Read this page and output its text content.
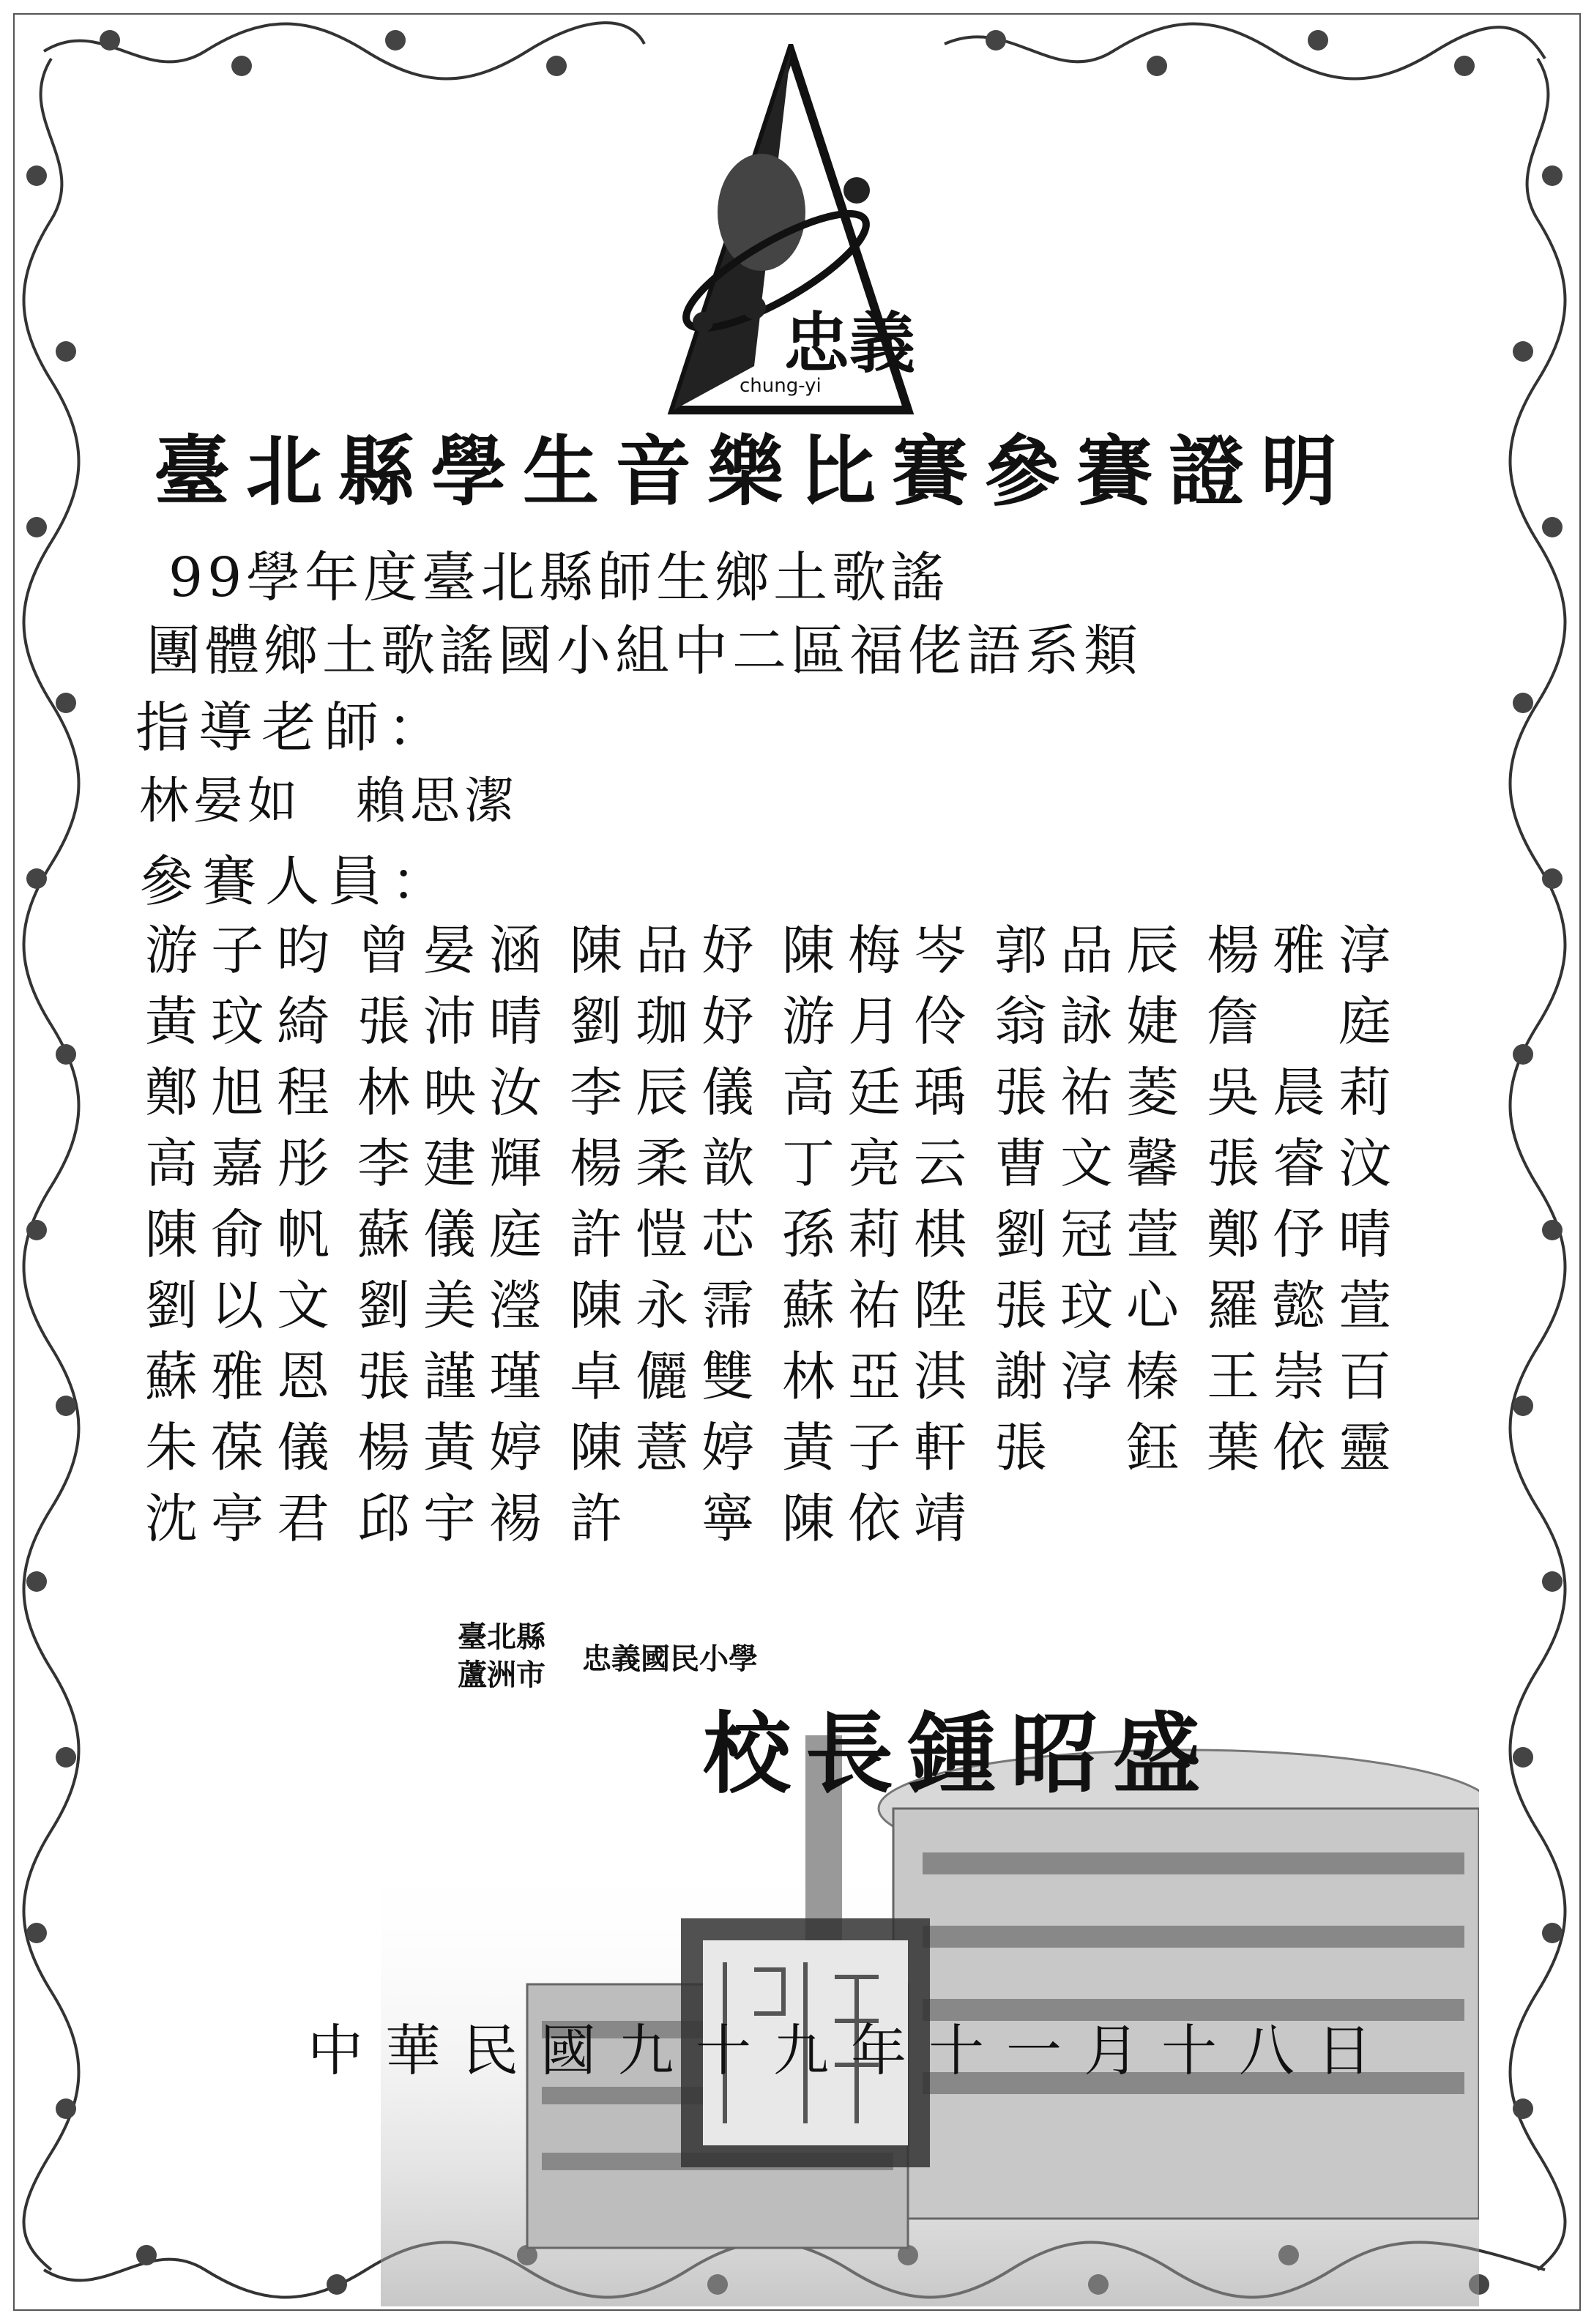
忠義
chung-yi
臺北縣學生音樂比賽參賽證明
99學年度臺北縣師生鄉土歌謠
團體鄉土歌謠國小組中二區福佬語系類
指導老師：
林晏如　賴思潔
參賽人員：
游子昀 曾晏涵 陳品妤 陳梅岑 郭品辰 楊雅淳
黃玟綺 張沛晴 劉珈妤 游月伶 翁詠婕 詹　庭
鄭旭程 林映汝 李辰儀 高廷瑀 張祐菱 吳晨莉
高嘉彤 李建輝 楊柔歆 丁亮云 曹文馨 張睿汶
陳俞帆 蘇儀庭 許愷芯 孫莉棋 劉冠萱 鄭伃晴
劉以文 劉美瀅 陳永霈 蘇祐陞 張玟心 羅懿萱
蘇雅恩 張謹瑾 卓儷雙 林亞淇 謝淳榛 王崇百
朱葆儀 楊黃婷 陳薏婷 黃子軒 張　鈺 葉依靈
沈亭君 邱宇裼 許　寧 陳依靖
臺北縣
蘆洲市 忠義國民小學
校長鍾昭盛
中華民國九十九年十一月十八日
